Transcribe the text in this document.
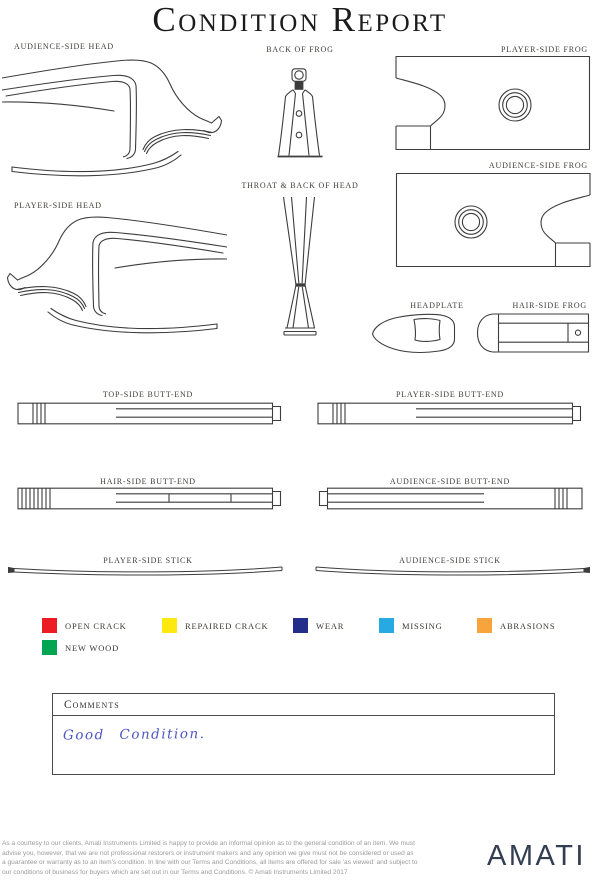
Condition Report
AUDIENCE-SIDE HEAD	BACK OF FROG	PLAYER-SIDE FROG
AUDIENCE-SIDE FROG
PLAYER-SIDE HEAD
THROAT & BACK OF HEAD
HEADPLATE	HAIR-SIDE FROG
TOP-SIDE BUTT-END	PLAYER-SIDE BUTT-END
HAIR-SIDE BUTT-END	AUDIENCE-SIDE BUTT-END
PLAYER-SIDE STICK	AUDIENCE-SIDE STICK
OPEN CRACK	REPAIRED CRACK	WEAR	MISSING	ABRASIONS
NEW WOOD
Comments
Good Condition.
As a courtesy to our clients, Amati Instruments Limited is happy to provide an informal opinion as to the general condition of an item. We must
advise you, however, that we are not professional restorers or instrument makers and any opinion we give must not be considered or used as
a guarantee or warranty as to an item's condition. In line with our Terms and Conditions, all items are offered for sale 'as viewed' and subject to
our conditions of business for buyers which are set out in our Terms and Conditions. © Amati Instruments Limited 2017
AMATI
